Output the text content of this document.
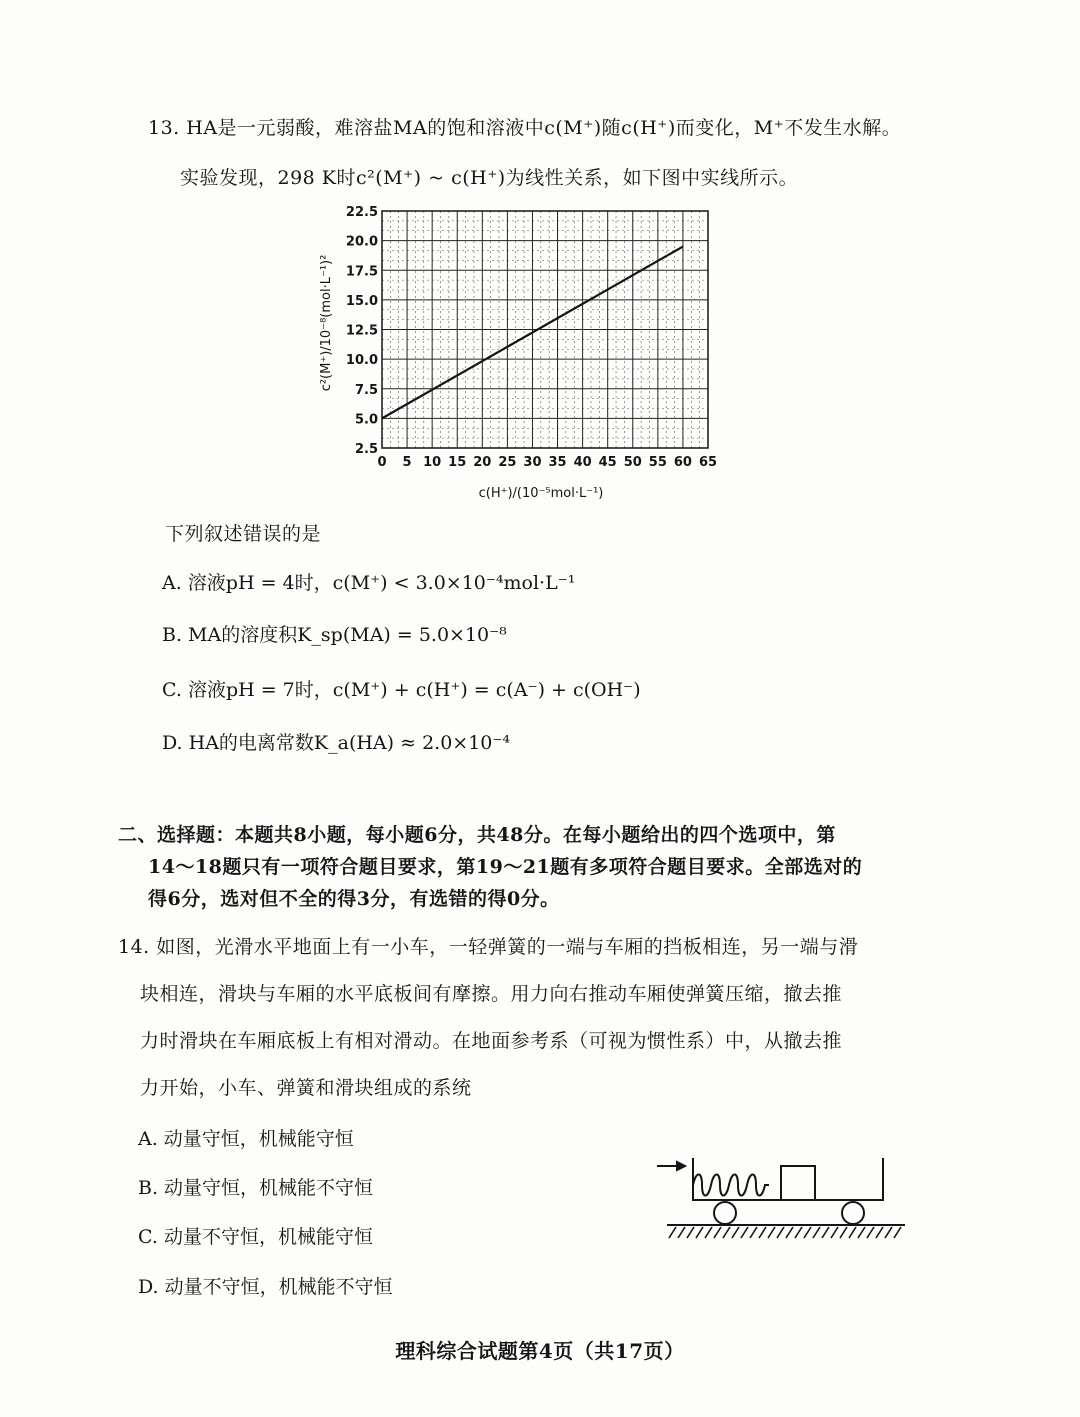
13. HA是一元弱酸，难溶盐MA的饱和溶液中c(M⁺)随c(H⁺)而变化，M⁺不发生水解。
实验发现，298 K时c²(M⁺) ~ c(H⁺)为线性关系，如下图中实线所示。
0 5 10 15 20 25 30 35 40 45 50 55 60 65
2.5
5.0
7.5
10.0
12.5
15.0
17.5
20.0
22.5
c(H⁺)/(10⁻⁵mol·L⁻¹)
c²(M⁺)/10⁻⁸(mol·L⁻¹)²
下列叙述错误的是
A. 溶液pH = 4时，c(M⁺) < 3.0×10⁻⁴mol·L⁻¹
B. MA的溶度积K_sp(MA) = 5.0×10⁻⁸
C. 溶液pH = 7时，c(M⁺) + c(H⁺) = c(A⁻) + c(OH⁻)
D. HA的电离常数K_a(HA) ≈ 2.0×10⁻⁴
二、选择题：本题共8小题，每小题6分，共48分。在每小题给出的四个选项中，第
14～18题只有一项符合题目要求，第19～21题有多项符合题目要求。全部选对的
得6分，选对但不全的得3分，有选错的得0分。
14. 如图，光滑水平地面上有一小车，一轻弹簧的一端与车厢的挡板相连，另一端与滑
块相连，滑块与车厢的水平底板间有摩擦。用力向右推动车厢使弹簧压缩，撤去推
力时滑块在车厢底板上有相对滑动。在地面参考系（可视为惯性系）中，从撤去推
力开始，小车、弹簧和滑块组成的系统
A. 动量守恒，机械能守恒
B. 动量守恒，机械能不守恒
C. 动量不守恒，机械能守恒
D. 动量不守恒，机械能不守恒
理科综合试题第4页（共17页）
